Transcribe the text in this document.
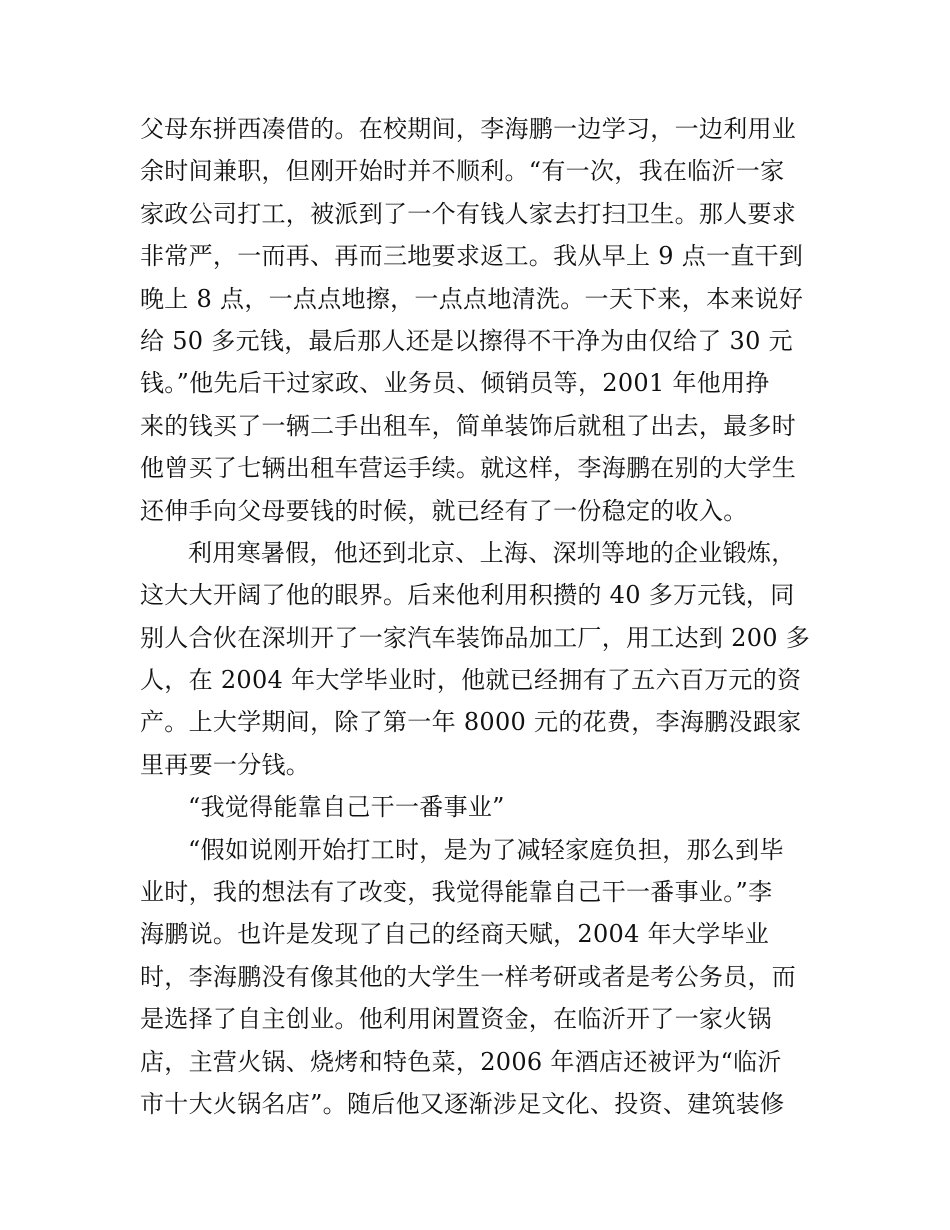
父母东拼西凑借的。在校期间，李海鹏一边学习，一边利用业
余时间兼职，但刚开始时并不顺利。“有一次，我在临沂一家
家政公司打工，被派到了一个有钱人家去打扫卫生。那人要求
非常严，一而再、再而三地要求返工。我从早上 9 点一直干到
晚上 8 点，一点点地擦，一点点地清洗。一天下来，本来说好
给 50 多元钱，最后那人还是以擦得不干净为由仅给了 30 元
钱。”他先后干过家政、业务员、倾销员等，2001 年他用挣
来的钱买了一辆二手出租车，简单装饰后就租了出去，最多时
他曾买了七辆出租车营运手续。就这样，李海鹏在别的大学生
还伸手向父母要钱的时候，就已经有了一份稳定的收入。
利用寒暑假，他还到北京、上海、深圳等地的企业锻炼，
这大大开阔了他的眼界。后来他利用积攒的 40 多万元钱，同
别人合伙在深圳开了一家汽车装饰品加工厂，用工达到 200 多
人，在 2004 年大学毕业时，他就已经拥有了五六百万元的资
产。上大学期间，除了第一年 8000 元的花费，李海鹏没跟家
里再要一分钱。
“我觉得能靠自己干一番事业”
“假如说刚开始打工时，是为了减轻家庭负担，那么到毕
业时，我的想法有了改变，我觉得能靠自己干一番事业。”李
海鹏说。也许是发现了自己的经商天赋，2004 年大学毕业
时，李海鹏没有像其他的大学生一样考研或者是考公务员，而
是选择了自主创业。他利用闲置资金，在临沂开了一家火锅
店，主营火锅、烧烤和特色菜，2006 年酒店还被评为“临沂
市十大火锅名店”。随后他又逐渐涉足文化、投资、建筑装修
